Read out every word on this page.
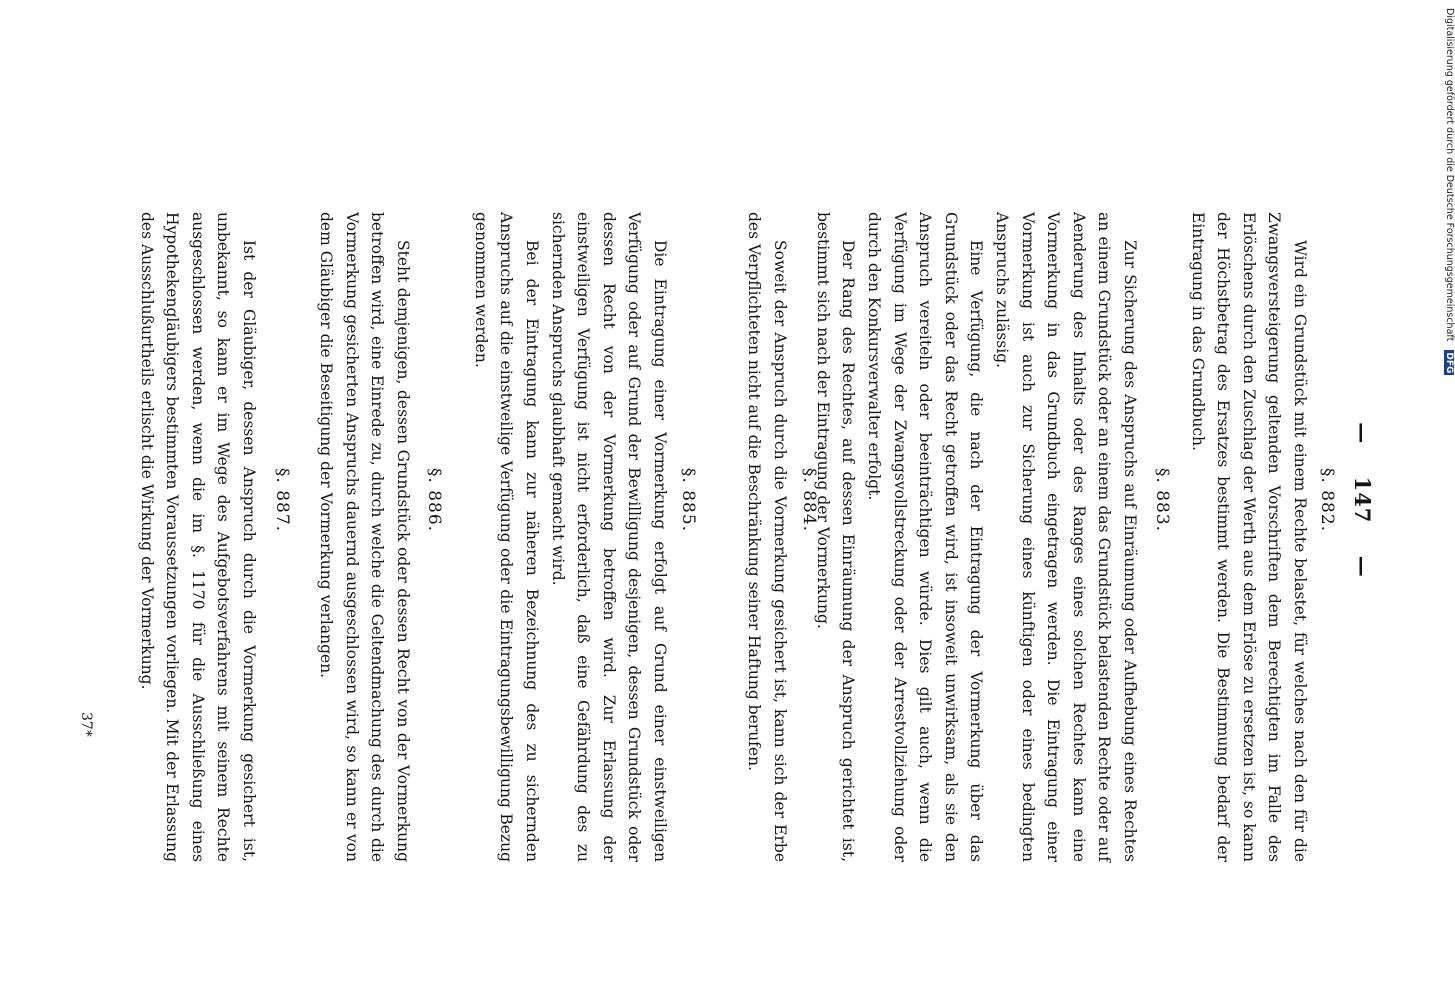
— 147 —
§. 882.

Wird ein Grundstück mit einem Rechte belastet, für welches nach den für die Zwangsversteigerung geltenden Vorschriften dem Berechtigten im Falle des Erlöschens durch den Zuschlag der Werth aus dem Erlöse zu ersetzen ist, so kann der Höchstbetrag des Ersatzes bestimmt werden. Die Bestimmung bedarf der Eintragung in das Grundbuch.

§. 883.

Zur Sicherung des Anspruchs auf Einräumung oder Aufhebung eines Rechtes an einem Grundstück oder an einem das Grundstück belastenden Rechte oder auf Aenderung des Inhalts oder des Ranges eines solchen Rechtes kann eine Vormerkung in das Grundbuch eingetragen werden. Die Eintragung einer Vormerkung ist auch zur Sicherung eines künftigen oder eines bedingten Anspruchs zulässig.

Eine Verfügung, die nach der Eintragung der Vormerkung über das Grundstück oder das Recht getroffen wird, ist insoweit unwirksam, als sie den Anspruch vereiteln oder beeinträchtigen würde. Dies gilt auch, wenn die Verfügung im Wege der Zwangsvollstreckung oder der Arrestvollziehung oder durch den Konkursverwalter erfolgt.

Der Rang des Rechtes, auf dessen Einräumung der Anspruch gerichtet ist, bestimmt sich nach der Eintragung der Vormerkung.

§. 884.

Soweit der Anspruch durch die Vormerkung gesichert ist, kann sich der Erbe des Verpflichteten nicht auf die Beschränkung seiner Haftung berufen.

§. 885.

Die Eintragung einer Vormerkung erfolgt auf Grund einer einstweiligen Verfügung oder auf Grund der Bewilligung desjenigen, dessen Grundstück oder dessen Recht von der Vormerkung betroffen wird. Zur Erlassung der einstweiligen Verfügung ist nicht erforderlich, daß eine Gefährdung des zu sichernden Anspruchs glaubhaft gemacht wird.

Bei der Eintragung kann zur näheren Bezeichnung des zu sichernden Anspruchs auf die einstweilige Verfügung oder die Eintragungsbewilligung Bezug genommen werden.

§. 886.

Steht demjenigen, dessen Grundstück oder dessen Recht von der Vormerkung betroffen wird, eine Einrede zu, durch welche die Geltendmachung des durch die Vormerkung gesicherten Anspruchs dauernd ausgeschlossen wird, so kann er von dem Gläubiger die Beseitigung der Vormerkung verlangen.

§. 887.

Ist der Gläubiger, dessen Anspruch durch die Vormerkung gesichert ist, unbekannt, so kann er im Wege des Aufgebotsverfahrens mit seinem Rechte ausgeschlossen werden, wenn die im §. 1170 für die Ausschließung eines Hypothekengläubigers bestimmten Voraussetzungen vorliegen. Mit der Erlassung des Ausschlußurtheils erlischt die Wirkung der Vormerkung.

37*
Digitalisierung gefördert durch die Deutsche Forschungsgemeinschaft DFG
